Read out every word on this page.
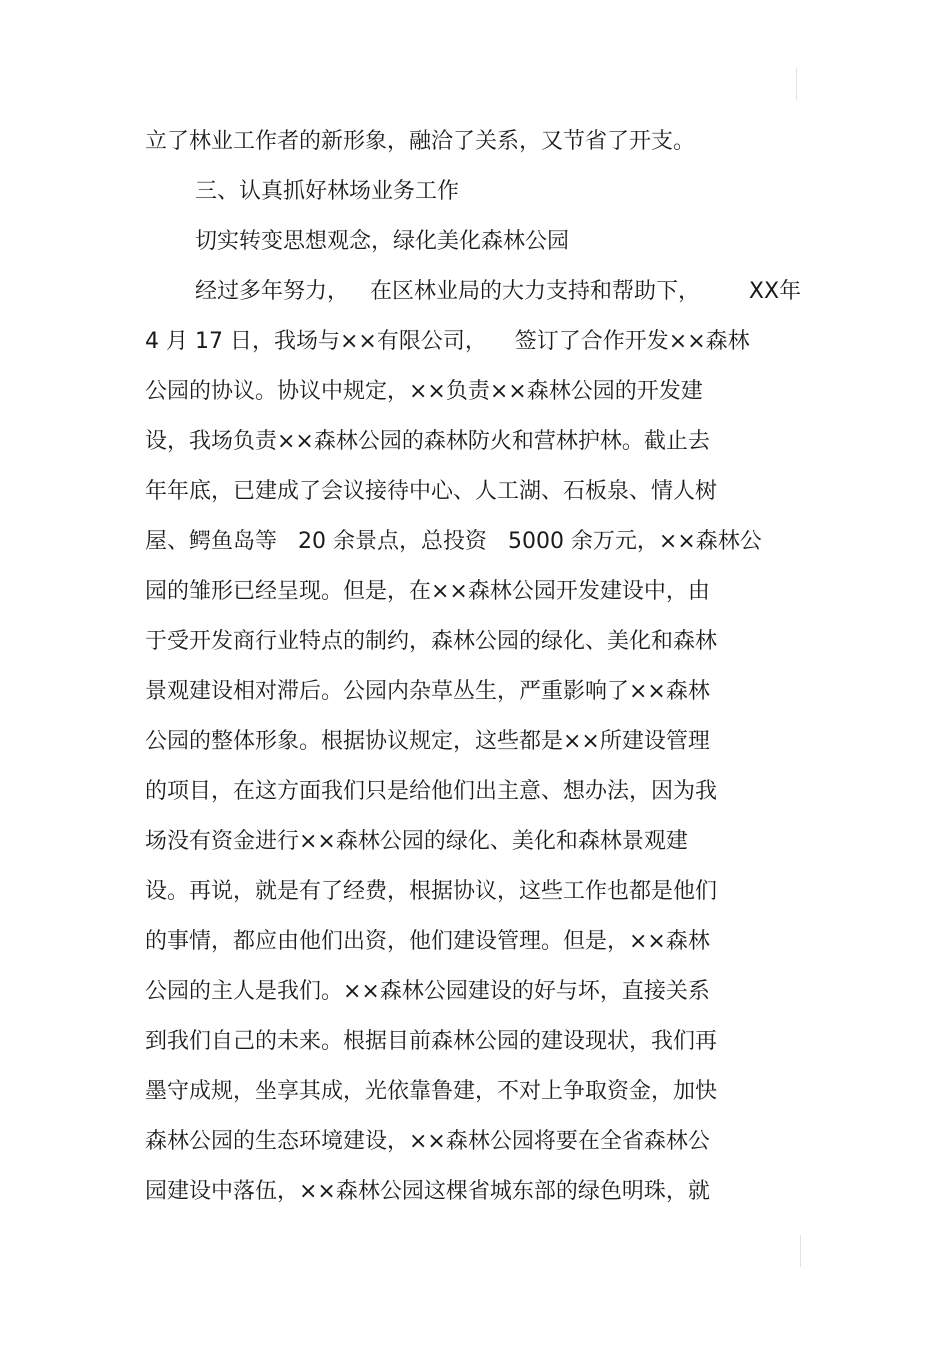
立了林业工作者的新形象，融洽了关系，又节省了开支。

三、认真抓好林场业务工作

切实转变思想观念，绿化美化森林公园

经过多年努力，   在区林业局的大力支持和帮助下，       XX年

4 月 17 日，我场与××有限公司，    签订了合作开发××森林

公园的协议。协议中规定，××负责××森林公园的开发建

设，我场负责××森林公园的森林防火和营林护林。截止去

年年底，已建成了会议接待中心、人工湖、石板泉、情人树

屋、鳄鱼岛等   20 余景点，总投资   5000 余万元，××森林公

园的雏形已经呈现。但是，在××森林公园开发建设中，由

于受开发商行业特点的制约，森林公园的绿化、美化和森林

景观建设相对滞后。公园内杂草丛生，严重影响了××森林

公园的整体形象。根据协议规定，这些都是××所建设管理

的项目，在这方面我们只是给他们出主意、想办法，因为我

场没有资金进行××森林公园的绿化、美化和森林景观建

设。再说，就是有了经费，根据协议，这些工作也都是他们

的事情，都应由他们出资，他们建设管理。但是，××森林

公园的主人是我们。××森林公园建设的好与坏，直接关系

到我们自己的未来。根据目前森林公园的建设现状，我们再

墨守成规，坐享其成，光依靠鲁建，不对上争取资金，加快

森林公园的生态环境建设，××森林公园将要在全省森林公

园建设中落伍，××森林公园这棵省城东部的绿色明珠，就
